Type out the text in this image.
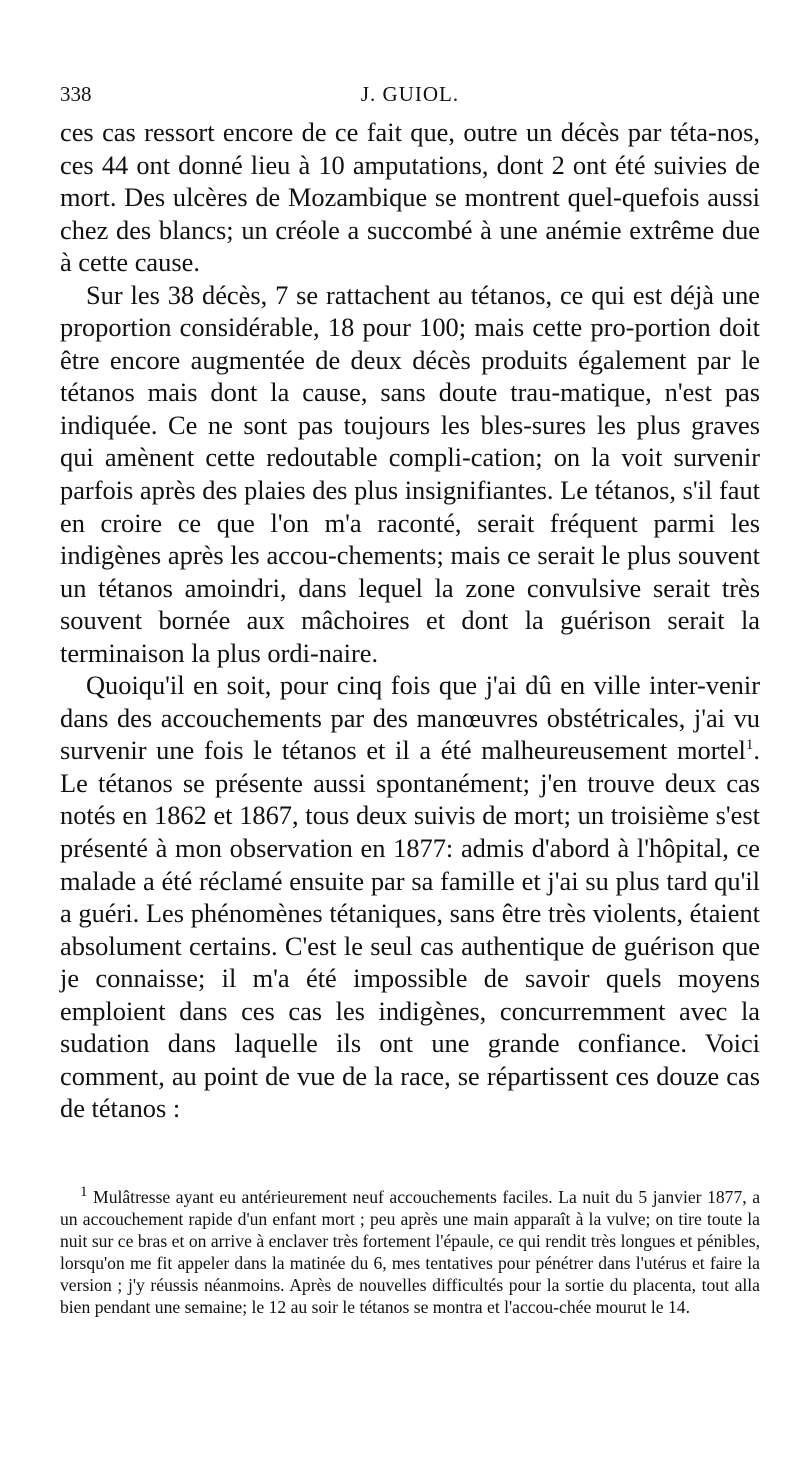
338	J. GUIOL.

ces cas ressort encore de ce fait que, outre un décès par téta-nos, ces 44 ont donné lieu à 10 amputations, dont 2 ont été suivies de mort. Des ulcères de Mozambique se montrent quel-quefois aussi chez des blancs; un créole a succombé à une anémie extrême due à cette cause.

Sur les 38 décès, 7 se rattachent au tétanos, ce qui est déjà une proportion considérable, 18 pour 100; mais cette pro-portion doit être encore augmentée de deux décès produits également par le tétanos mais dont la cause, sans doute trau-matique, n'est pas indiquée. Ce ne sont pas toujours les bles-sures les plus graves qui amènent cette redoutable compli-cation; on la voit survenir parfois après des plaies des plus insignifiantes. Le tétanos, s'il faut en croire ce que l'on m'a raconté, serait fréquent parmi les indigènes après les accou-chements; mais ce serait le plus souvent un tétanos amoindri, dans lequel la zone convulsive serait très souvent bornée aux mâchoires et dont la guérison serait la terminaison la plus ordi-naire.

Quoiqu'il en soit, pour cinq fois que j'ai dû en ville inter-venir dans des accouchements par des manœuvres obstétricales, j'ai vu survenir une fois le tétanos et il a été malheureusement mortel$^1$. Le tétanos se présente aussi spontanément; j'en trouve deux cas notés en 1862 et 1867, tous deux suivis de mort; un troisième s'est présenté à mon observation en 1877: admis d'abord à l'hôpital, ce malade a été réclamé ensuite par sa famille et j'ai su plus tard qu'il a guéri. Les phénomènes tétaniques, sans être très violents, étaient absolument certains. C'est le seul cas authentique de guérison que je connaisse; il m'a été impossible de savoir quels moyens emploient dans ces cas les indigènes, concurremment avec la sudation dans laquelle ils ont une grande confiance. Voici comment, au point de vue de la race, se répartissent ces douze cas de tétanos :

1 Mulâtresse ayant eu antérieurement neuf accouchements faciles. La nuit du 5 janvier 1877, a un accouchement rapide d'un enfant mort ; peu après une main apparaît à la vulve; on tire toute la nuit sur ce bras et on arrive à enclaver très fortement l'épaule, ce qui rendit très longues et pénibles, lorsqu'on me fit appeler dans la matinée du 6, mes tentatives pour pénétrer dans l'utérus et faire la version ; j'y réussis néanmoins. Après de nouvelles difficultés pour la sortie du placenta, tout alla bien pendant une semaine; le 12 au soir le tétanos se montra et l'accou-chée mourut le 14.
